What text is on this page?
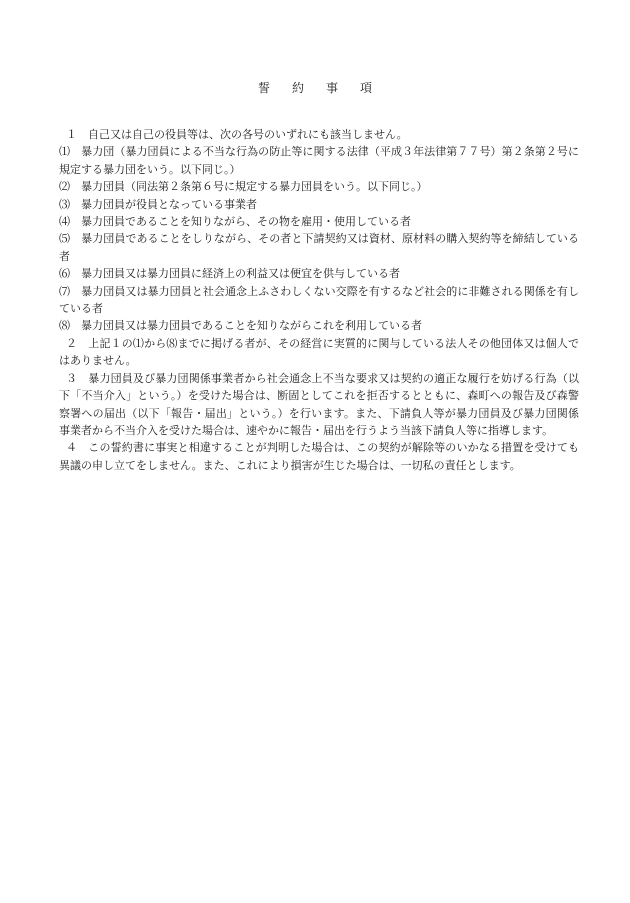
誓 約 事 項

１　自己又は自己の役員等は、次の各号のいずれにも該当しません。

⑴　暴力団（暴力団員による不当な行為の防止等に関する法律（平成３年法律第７７号）第２条第２号に規定する暴力団をいう。以下同じ。）

⑵　暴力団員（同法第２条第６号に規定する暴力団員をいう。以下同じ。）

⑶　暴力団員が役員となっている事業者

⑷　暴力団員であることを知りながら、その物を雇用・使用している者

⑸　暴力団員であることをしりながら、その者と下請契約又は資材、原材料の購入契約等を締結している者

⑹　暴力団員又は暴力団員に経済上の利益又は便宜を供与している者

⑺　暴力団員又は暴力団員と社会通念上ふさわしくない交際を有するなど社会的に非難される関係を有している者

⑻　暴力団員又は暴力団員であることを知りながらこれを利用している者

２　上記１の⑴から⑻までに掲げる者が、その経営に実質的に関与している法人その他団体又は個人ではありません。

３　暴力団員及び暴力団関係事業者から社会通念上不当な要求又は契約の適正な履行を妨げる行為（以下「不当介入」という。）を受けた場合は、断固としてこれを拒否するとともに、森町への報告及び森警察署への届出（以下「報告・届出」という。）を行います。また、下請負人等が暴力団員及び暴力団関係事業者から不当介入を受けた場合は、速やかに報告・届出を行うよう当該下請負人等に指導します。

４　この誓約書に事実と相違することが判明した場合は、この契約が解除等のいかなる措置を受けても異議の申し立てをしません。また、これにより損害が生じた場合は、一切私の責任とします。
